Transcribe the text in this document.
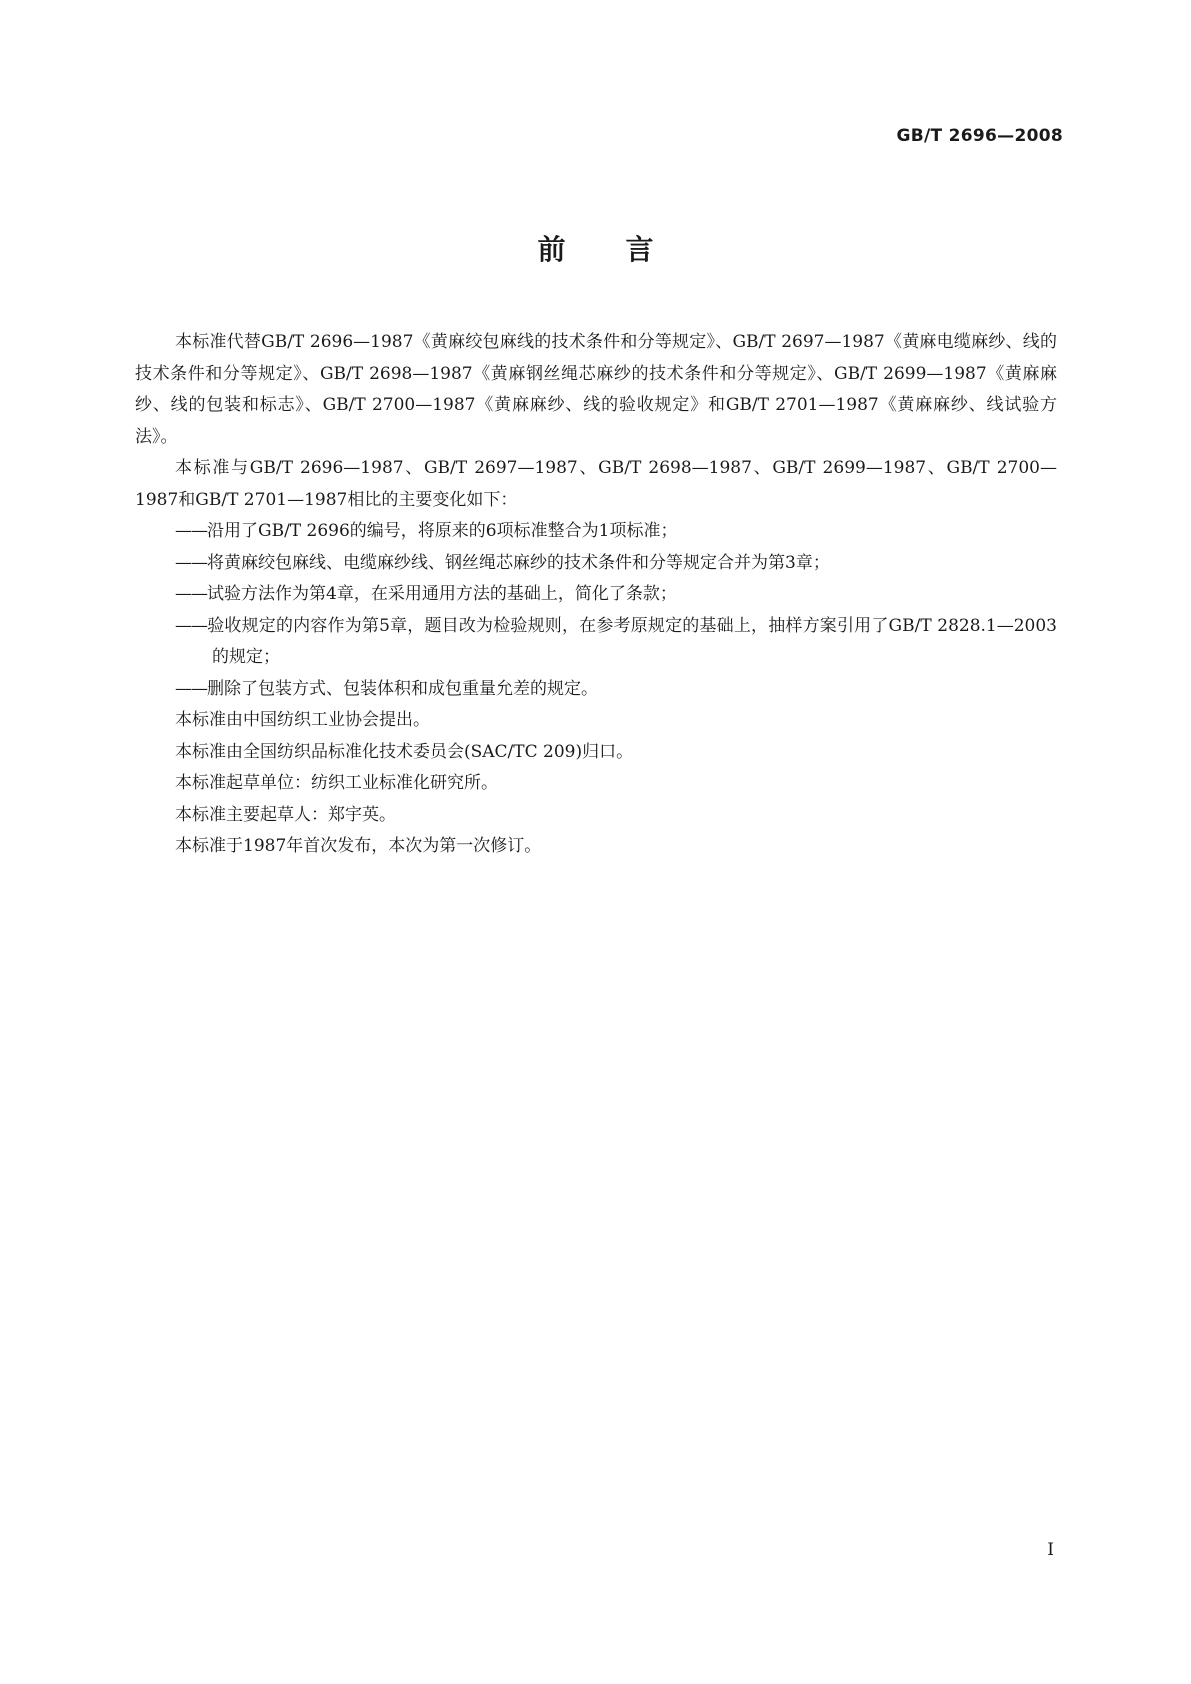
GB/T 2696—2008
前言

本标准代替GB/T 2696—1987《黄麻绞包麻线的技术条件和分等规定》、GB/T 2697—1987《黄麻电缆麻纱、线的技术条件和分等规定》、GB/T 2698—1987《黄麻钢丝绳芯麻纱的技术条件和分等规定》、GB/T 2699—1987《黄麻麻纱、线的包装和标志》、GB/T 2700—1987《黄麻麻纱、线的验收规定》和GB/T 2701—1987《黄麻麻纱、线试验方法》。

本标准与GB/T 2696—1987、GB/T 2697—1987、GB/T 2698—1987、GB/T 2699—1987、GB/T 2700—1987和GB/T 2701—1987相比的主要变化如下：

——沿用了GB/T 2696的编号，将原来的6项标准整合为1项标准；
——将黄麻绞包麻线、电缆麻纱线、钢丝绳芯麻纱的技术条件和分等规定合并为第3章；
——试验方法作为第4章，在采用通用方法的基础上，简化了条款；
——验收规定的内容作为第5章，题目改为检验规则，在参考原规定的基础上，抽样方案引用了GB/T 2828.1—2003的规定；
——删除了包装方式、包装体积和成包重量允差的规定。

本标准由中国纺织工业协会提出。

本标准由全国纺织品标准化技术委员会(SAC/TC 209)归口。

本标准起草单位：纺织工业标准化研究所。

本标准主要起草人：郑宇英。

本标准于1987年首次发布，本次为第一次修订。

I
